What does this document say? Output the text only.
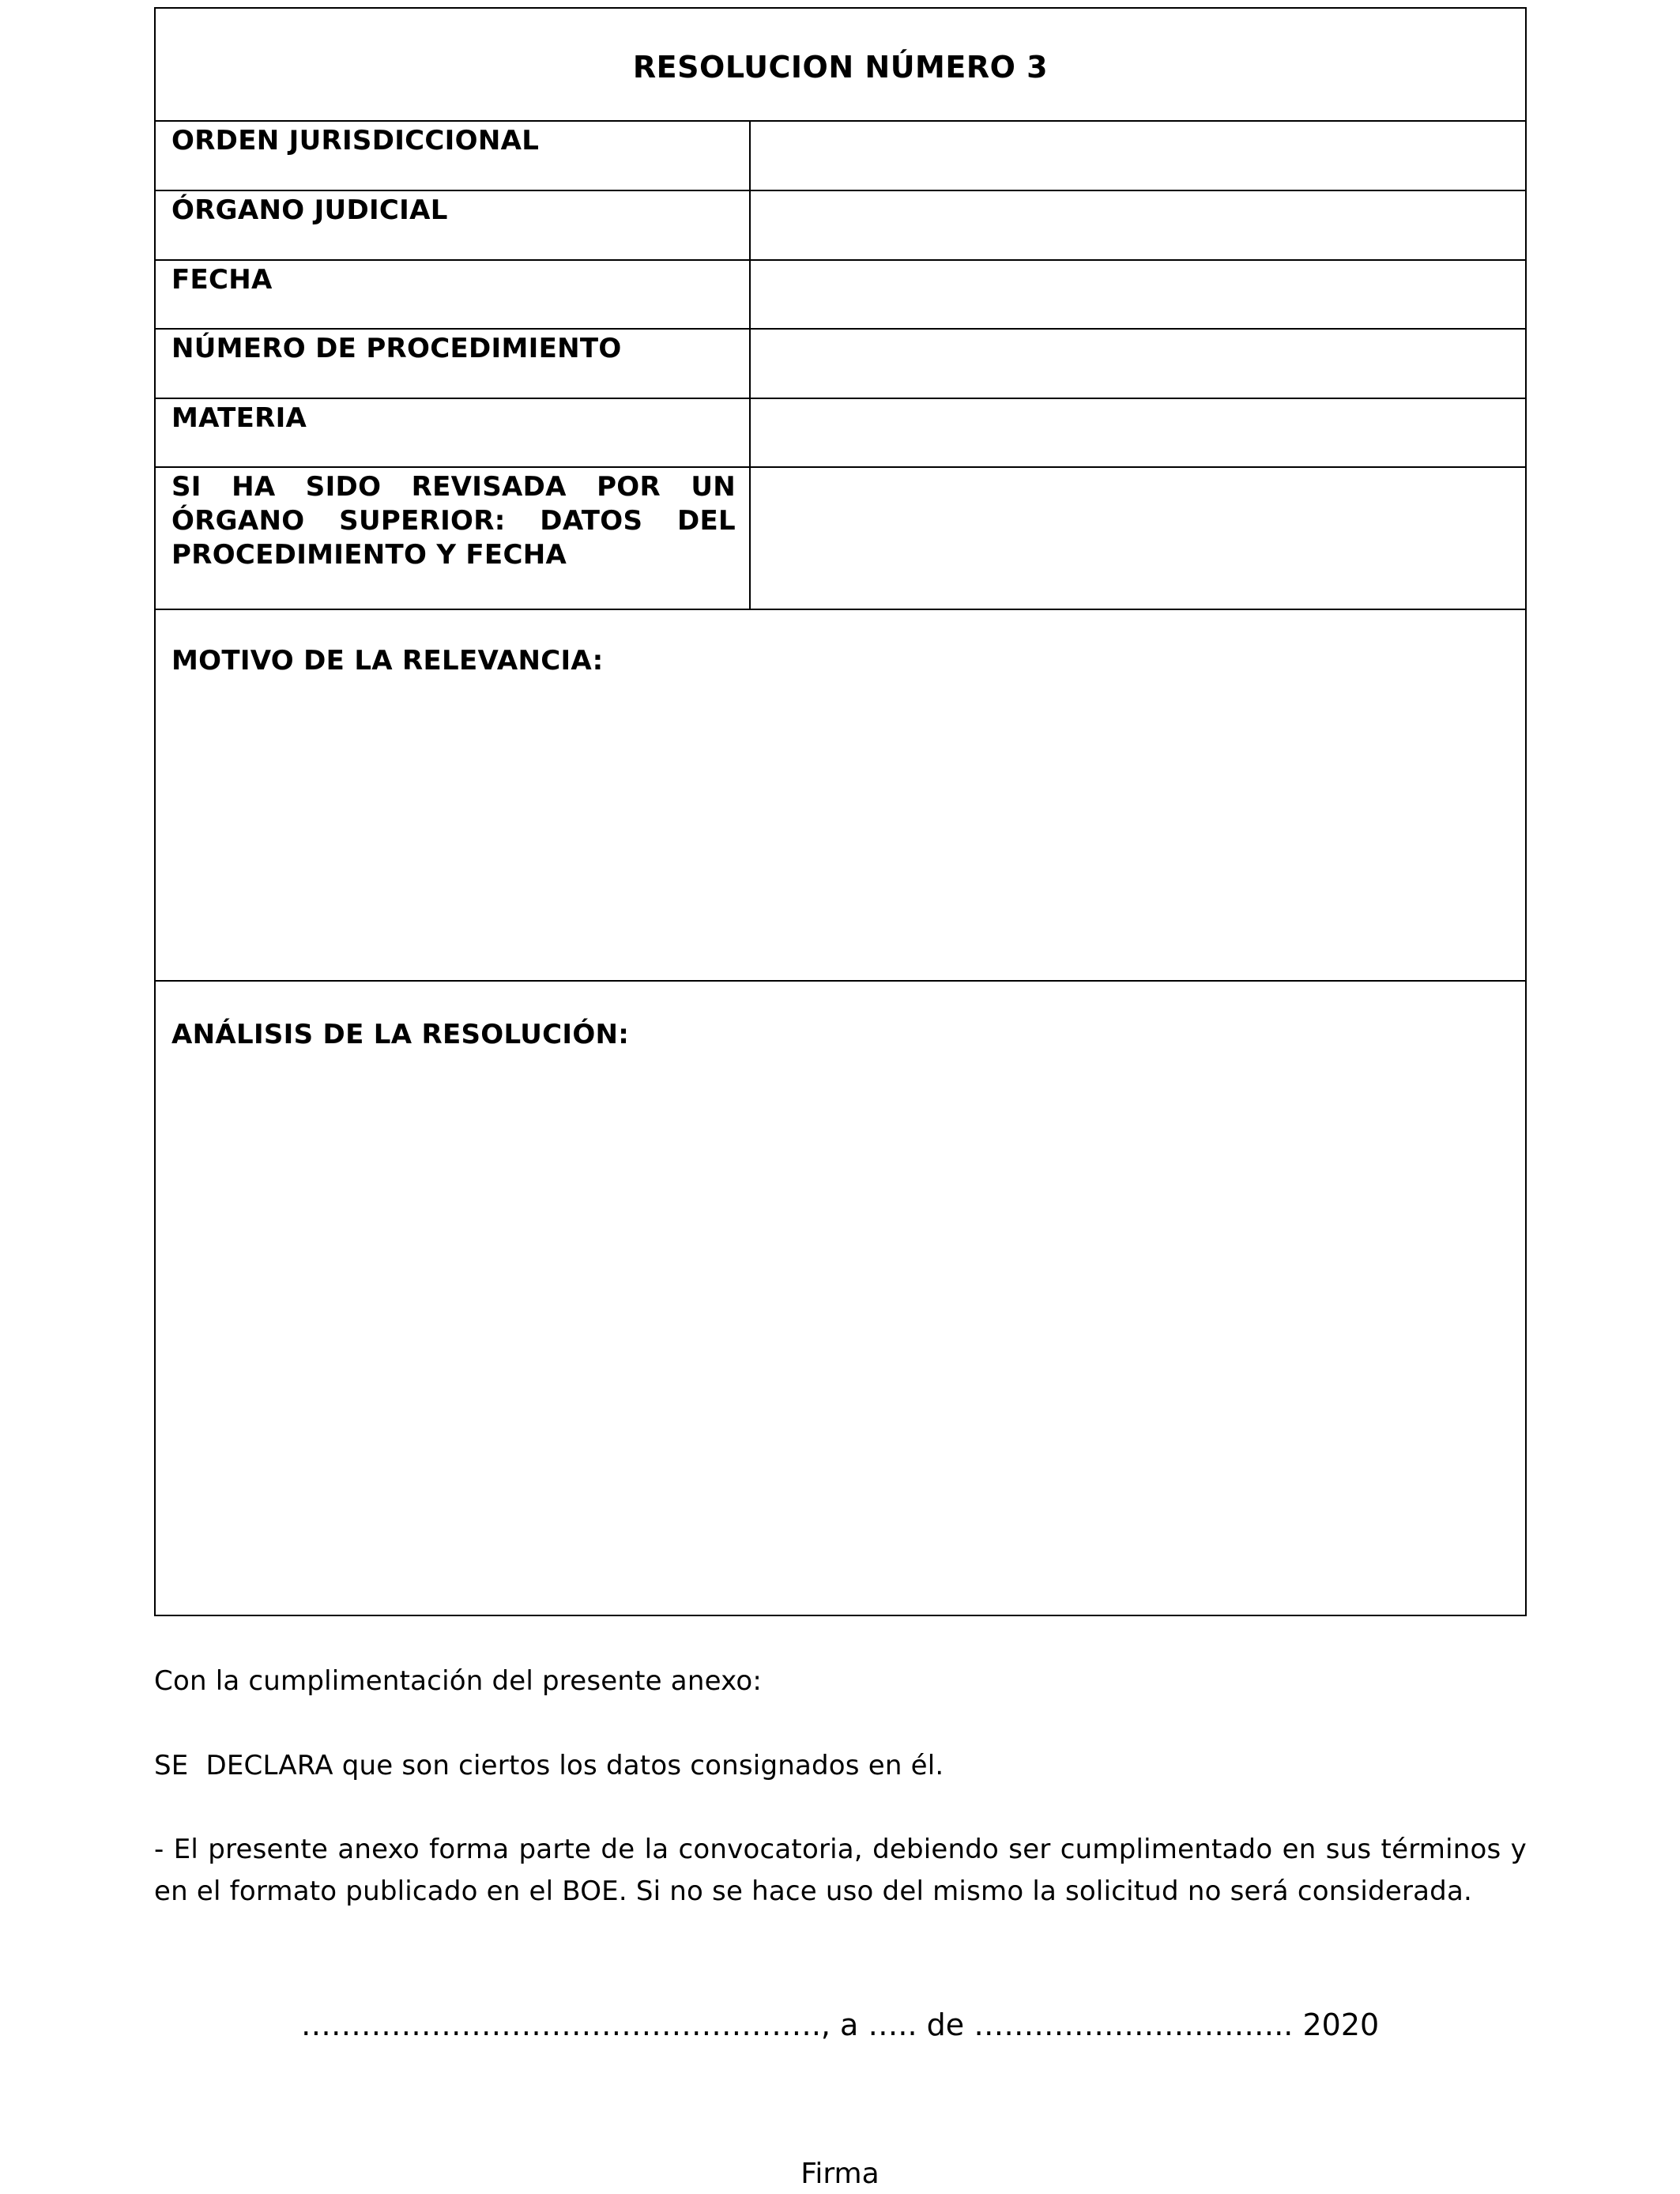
RESOLUCION NÚMERO 3
ORDEN JURISDICCIONAL
ÓRGANO JUDICIAL
FECHA
NÚMERO DE PROCEDIMIENTO
MATERIA
SI HA SIDO REVISADA POR UN ÓRGANO SUPERIOR: DATOS DEL PROCEDIMIENTO Y FECHA
MOTIVO DE LA RELEVANCIA:
ANÁLISIS DE LA RESOLUCIÓN:
Con la cumplimentación del presente anexo:
SE  DECLARA que son ciertos los datos consignados en él.
- El presente anexo forma parte de la convocatoria, debiendo ser cumplimentado en sus términos y en el formato publicado en el BOE. Si no se hace uso del mismo la solicitud no será considerada.
……………………………………………., a ….. de ………………………….. 2020
Firma
